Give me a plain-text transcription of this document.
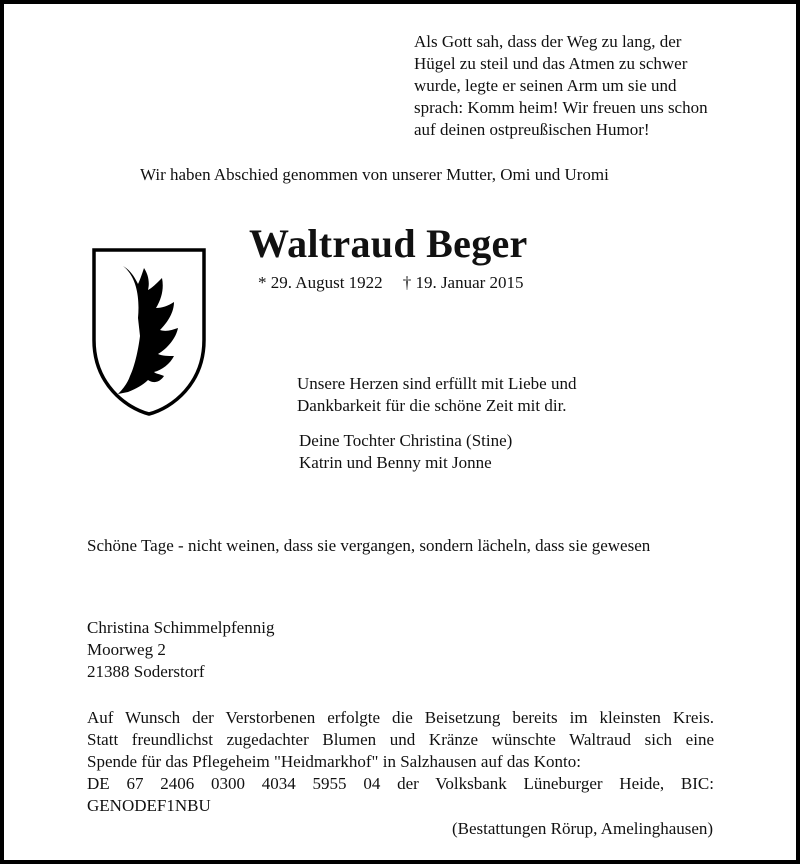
Als Gott sah, dass der Weg zu lang, der
Hügel zu steil und das Atmen zu schwer
wurde, legte er seinen Arm um sie und
sprach: Komm heim! Wir freuen uns schon
auf deinen ostpreußischen Humor!
Wir haben Abschied genommen von unserer Mutter, Omi und Uromi
Waltraud Beger
* 29. August 1922 † 19. Januar 2015
Unsere Herzen sind erfüllt mit Liebe und
Dankbarkeit für die schöne Zeit mit dir.
Deine Tochter Christina (Stine)
Katrin und Benny mit Jonne
Schöne Tage - nicht weinen, dass sie vergangen, sondern lächeln, dass sie gewesen
Christina Schimmelpfennig
Moorweg 2
21388 Soderstorf
Auf Wunsch der Verstorbenen erfolgte die Beisetzung bereits im kleinsten Kreis.
Statt freundlichst zugedachter Blumen und Kränze wünschte Waltraud sich eine
Spende für das Pflegeheim "Heidmarkhof" in Salzhausen auf das Konto:
DE 67 2406 0300 4034 5955 04 der Volksbank Lüneburger Heide, BIC:
GENODEF1NBU
(Bestattungen Rörup, Amelinghausen)
